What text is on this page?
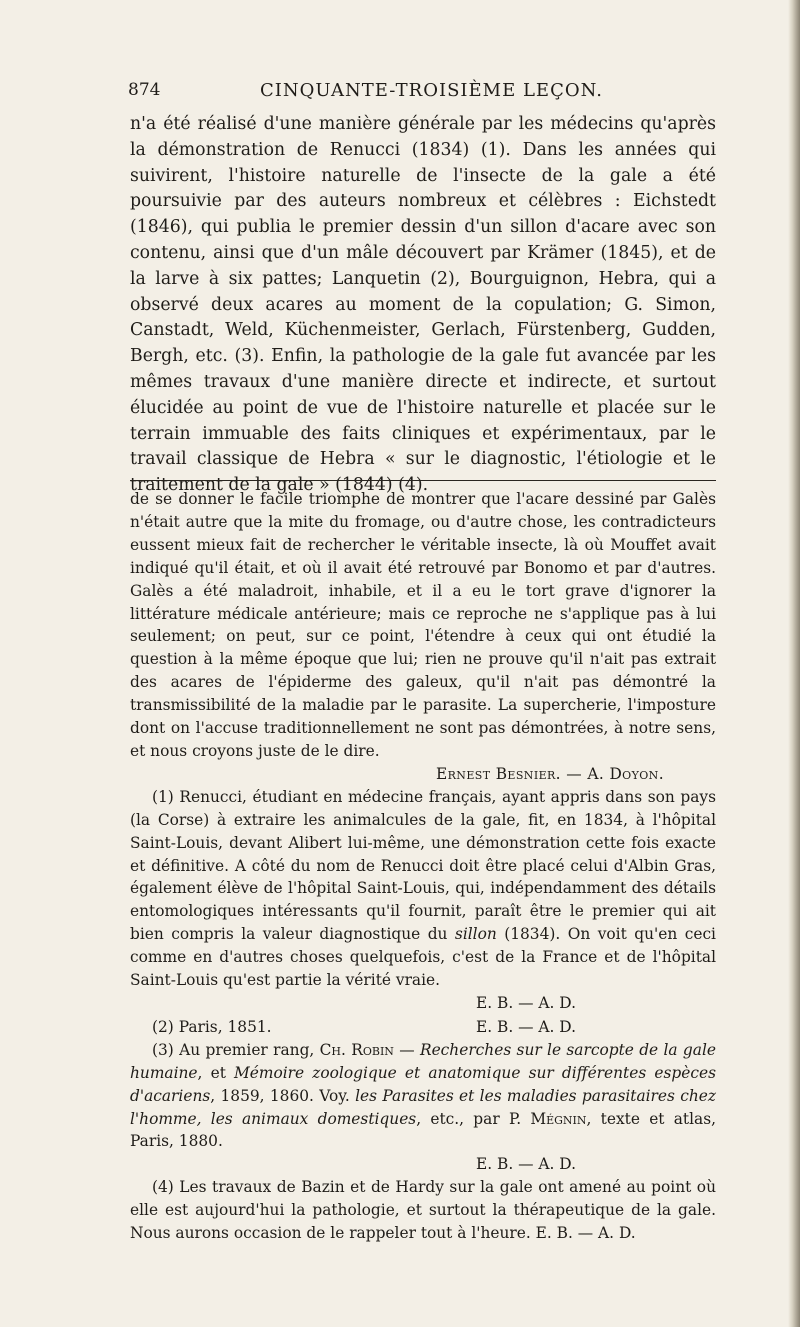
874	CINQUANTE-TROISIÈME LEÇON.

n'a été réalisé d'une manière générale par les médecins qu'après la démonstration de Renucci (1834) (1). Dans les années qui suivirent, l'histoire naturelle de l'insecte de la gale a été poursuivie par des auteurs nombreux et célèbres : Eichstedt (1846), qui publia le premier dessin d'un sillon d'acare avec son contenu, ainsi que d'un mâle découvert par Krämer (1845), et de la larve à six pattes; Lanquetin (2), Bourguignon, Hebra, qui a observé deux acares au moment de la copulation; G. Simon, Canstadt, Weld, Küchenmeister, Gerlach, Fürstenberg, Gudden, Bergh, etc. (3). Enfin, la pathologie de la gale fut avancée par les mêmes travaux d'une manière directe et indirecte, et surtout élucidée au point de vue de l'histoire naturelle et placée sur le terrain immuable des faits cliniques et expérimentaux, par le travail classique de Hebra « sur le diagnostic, l'étiologie et le traitement de la gale » (1844) (4).

de se donner le facile triomphe de montrer que l'acare dessiné par Galès n'était autre que la mite du fromage, ou d'autre chose, les contradicteurs eussent mieux fait de rechercher le véritable insecte, là où Mouffet avait indiqué qu'il était, et où il avait été retrouvé par Bonomo et par d'autres. Galès a été maladroit, inhabile, et il a eu le tort grave d'ignorer la littérature médicale antérieure; mais ce reproche ne s'applique pas à lui seulement; on peut, sur ce point, l'étendre à ceux qui ont étudié la question à la même époque que lui; rien ne prouve qu'il n'ait pas extrait des acares de l'épiderme des galeux, qu'il n'ait pas démontré la transmissibilité de la maladie par le parasite. La supercherie, l'imposture dont on l'accuse traditionnellement ne sont pas démontrées, à notre sens, et nous croyons juste de le dire.

Ernest Besnier. — A. Doyon.

(1) Renucci, étudiant en médecine français, ayant appris dans son pays (la Corse) à extraire les animalcules de la gale, fit, en 1834, à l'hôpital Saint-Louis, devant Alibert lui-même, une démonstration cette fois exacte et définitive. A côté du nom de Renucci doit être placé celui d'Albin Gras, également élève de l'hôpital Saint-Louis, qui, indépendamment des détails entomologiques intéressants qu'il fournit, paraît être le premier qui ait bien compris la valeur diagnostique du sillon (1834). On voit qu'en ceci comme en d'autres choses quelquefois, c'est de la France et de l'hôpital Saint-Louis qu'est partie la vérité vraie.

E. B. — A. D.

(2) Paris, 1851.	E. B. — A. D.

(3) Au premier rang, Ch. Robin — Recherches sur le sarcopte de la gale humaine, et Mémoire zoologique et anatomique sur différentes espèces d'acariens, 1859, 1860. Voy. les Parasites et les maladies parasitaires chez l'homme, les animaux domestiques, etc., par P. Mégnin, texte et atlas, Paris, 1880.

E. B. — A. D.

(4) Les travaux de Bazin et de Hardy sur la gale ont amené au point où elle est aujourd'hui la pathologie, et surtout la thérapeutique de la gale. Nous aurons occasion de le rappeler tout à l'heure. E. B. — A. D.
